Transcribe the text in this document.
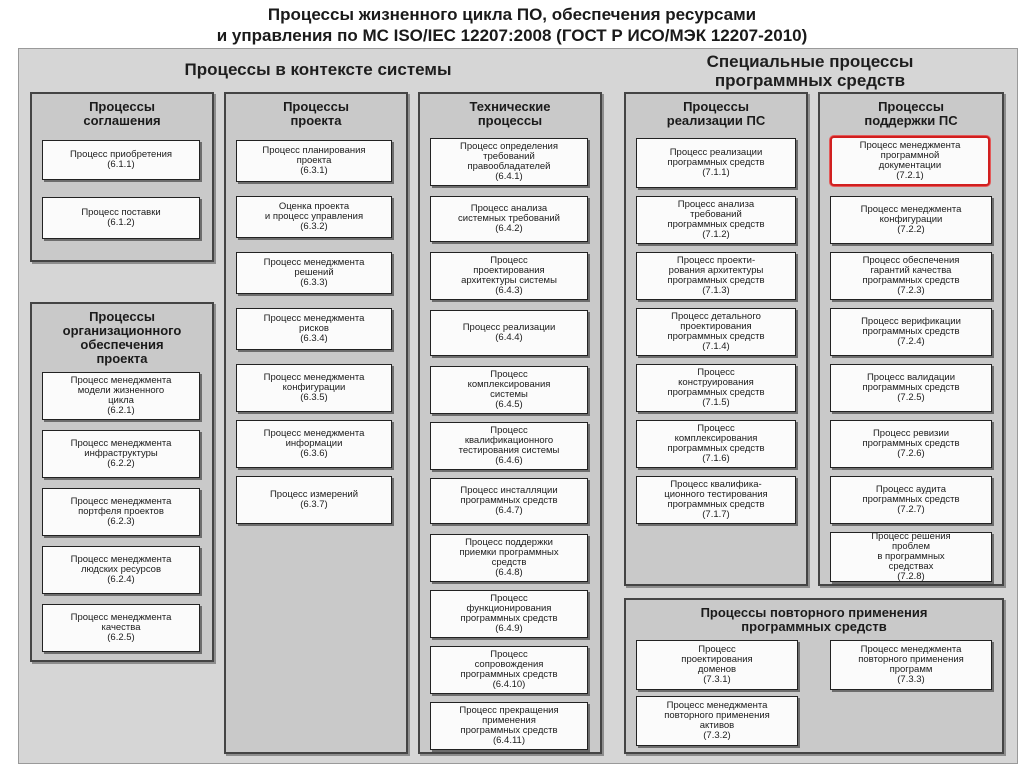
Процессы жизненного цикла ПО, обеспечения ресурсами
и управления по МС ISO/IEC 12207:2008 (ГОСТ Р ИСО/МЭК 12207-2010)
Процессы в контексте системы	Специальные процессы
программных средств
Процессы
соглашения
Процессы
организационного
обеспечения
проекта
Процессы
проекта
Технические
процессы
Процессы
реализации ПС
Процессы
поддержки ПС
Процессы повторного применения
программных средств
Процесс приобретения
(6.1.1)
Процесс поставки
(6.1.2)
Процесс менеджмента
модели жизненного
цикла
(6.2.1)
Процесс менеджмента
инфраструктуры
(6.2.2)
Процесс менеджмента
портфеля проектов
(6.2.3)
Процесс менеджмента
людских ресурсов
(6.2.4)
Процесс менеджмента
качества
(6.2.5)
Процесс планирования
проекта
(6.3.1)
Оценка проекта
и процесс управления
(6.3.2)
Процесс менеджмента
решений
(6.3.3)
Процесс менеджмента
рисков
(6.3.4)
Процесс менеджмента
конфигурации
(6.3.5)
Процесс менеджмента
информации
(6.3.6)
Процесс измерений
(6.3.7)
Процесс определения
требований
правообладателей
(6.4.1)
Процесс анализа
системных требований
(6.4.2)
Процесс
проектирования
архитектуры системы
(6.4.3)
Процесс реализации
(6.4.4)
Процесс
комплексирования
системы
(6.4.5)
Процесс
квалификационного
тестирования системы
(6.4.6)
Процесс инсталляции
программных средств
(6.4.7)
Процесс поддержки
приемки программных
средств
(6.4.8)
Процесс
функционирования
программных средств
(6.4.9)
Процесс
сопровождения
программных средств
(6.4.10)
Процесс прекращения
применения
программных средств
(6.4.11)
Процесс реализации
программных средств
(7.1.1)
Процесс анализа
требований
программных средств
(7.1.2)
Процесс проекти-
рования архитектуры
программных средств
(7.1.3)
Процесс детального
проектирования
программных средств
(7.1.4)
Процесс
конструирования
программных средств
(7.1.5)
Процесс
комплексирования
программных средств
(7.1.6)
Процесс квалифика-
ционного тестирования
программных средств
(7.1.7)
Процесс менеджмента
программной
документации
(7.2.1)
Процесс менеджмента
конфигурации
(7.2.2)
Процесс обеспечения
гарантий качества
программных средств
(7.2.3)
Процесс верификации
программных средств
(7.2.4)
Процесс валидации
программных средств
(7.2.5)
Процесс ревизии
программных средств
(7.2.6)
Процесс аудита
программных средств
(7.2.7)
Процесс решения
проблем
в программных
средствах
(7.2.8)
Процесс
проектирования
доменов
(7.3.1)
Процесс менеджмента
повторного применения
программ
(7.3.3)
Процесс менеджмента
повторного применения
активов
(7.3.2)
